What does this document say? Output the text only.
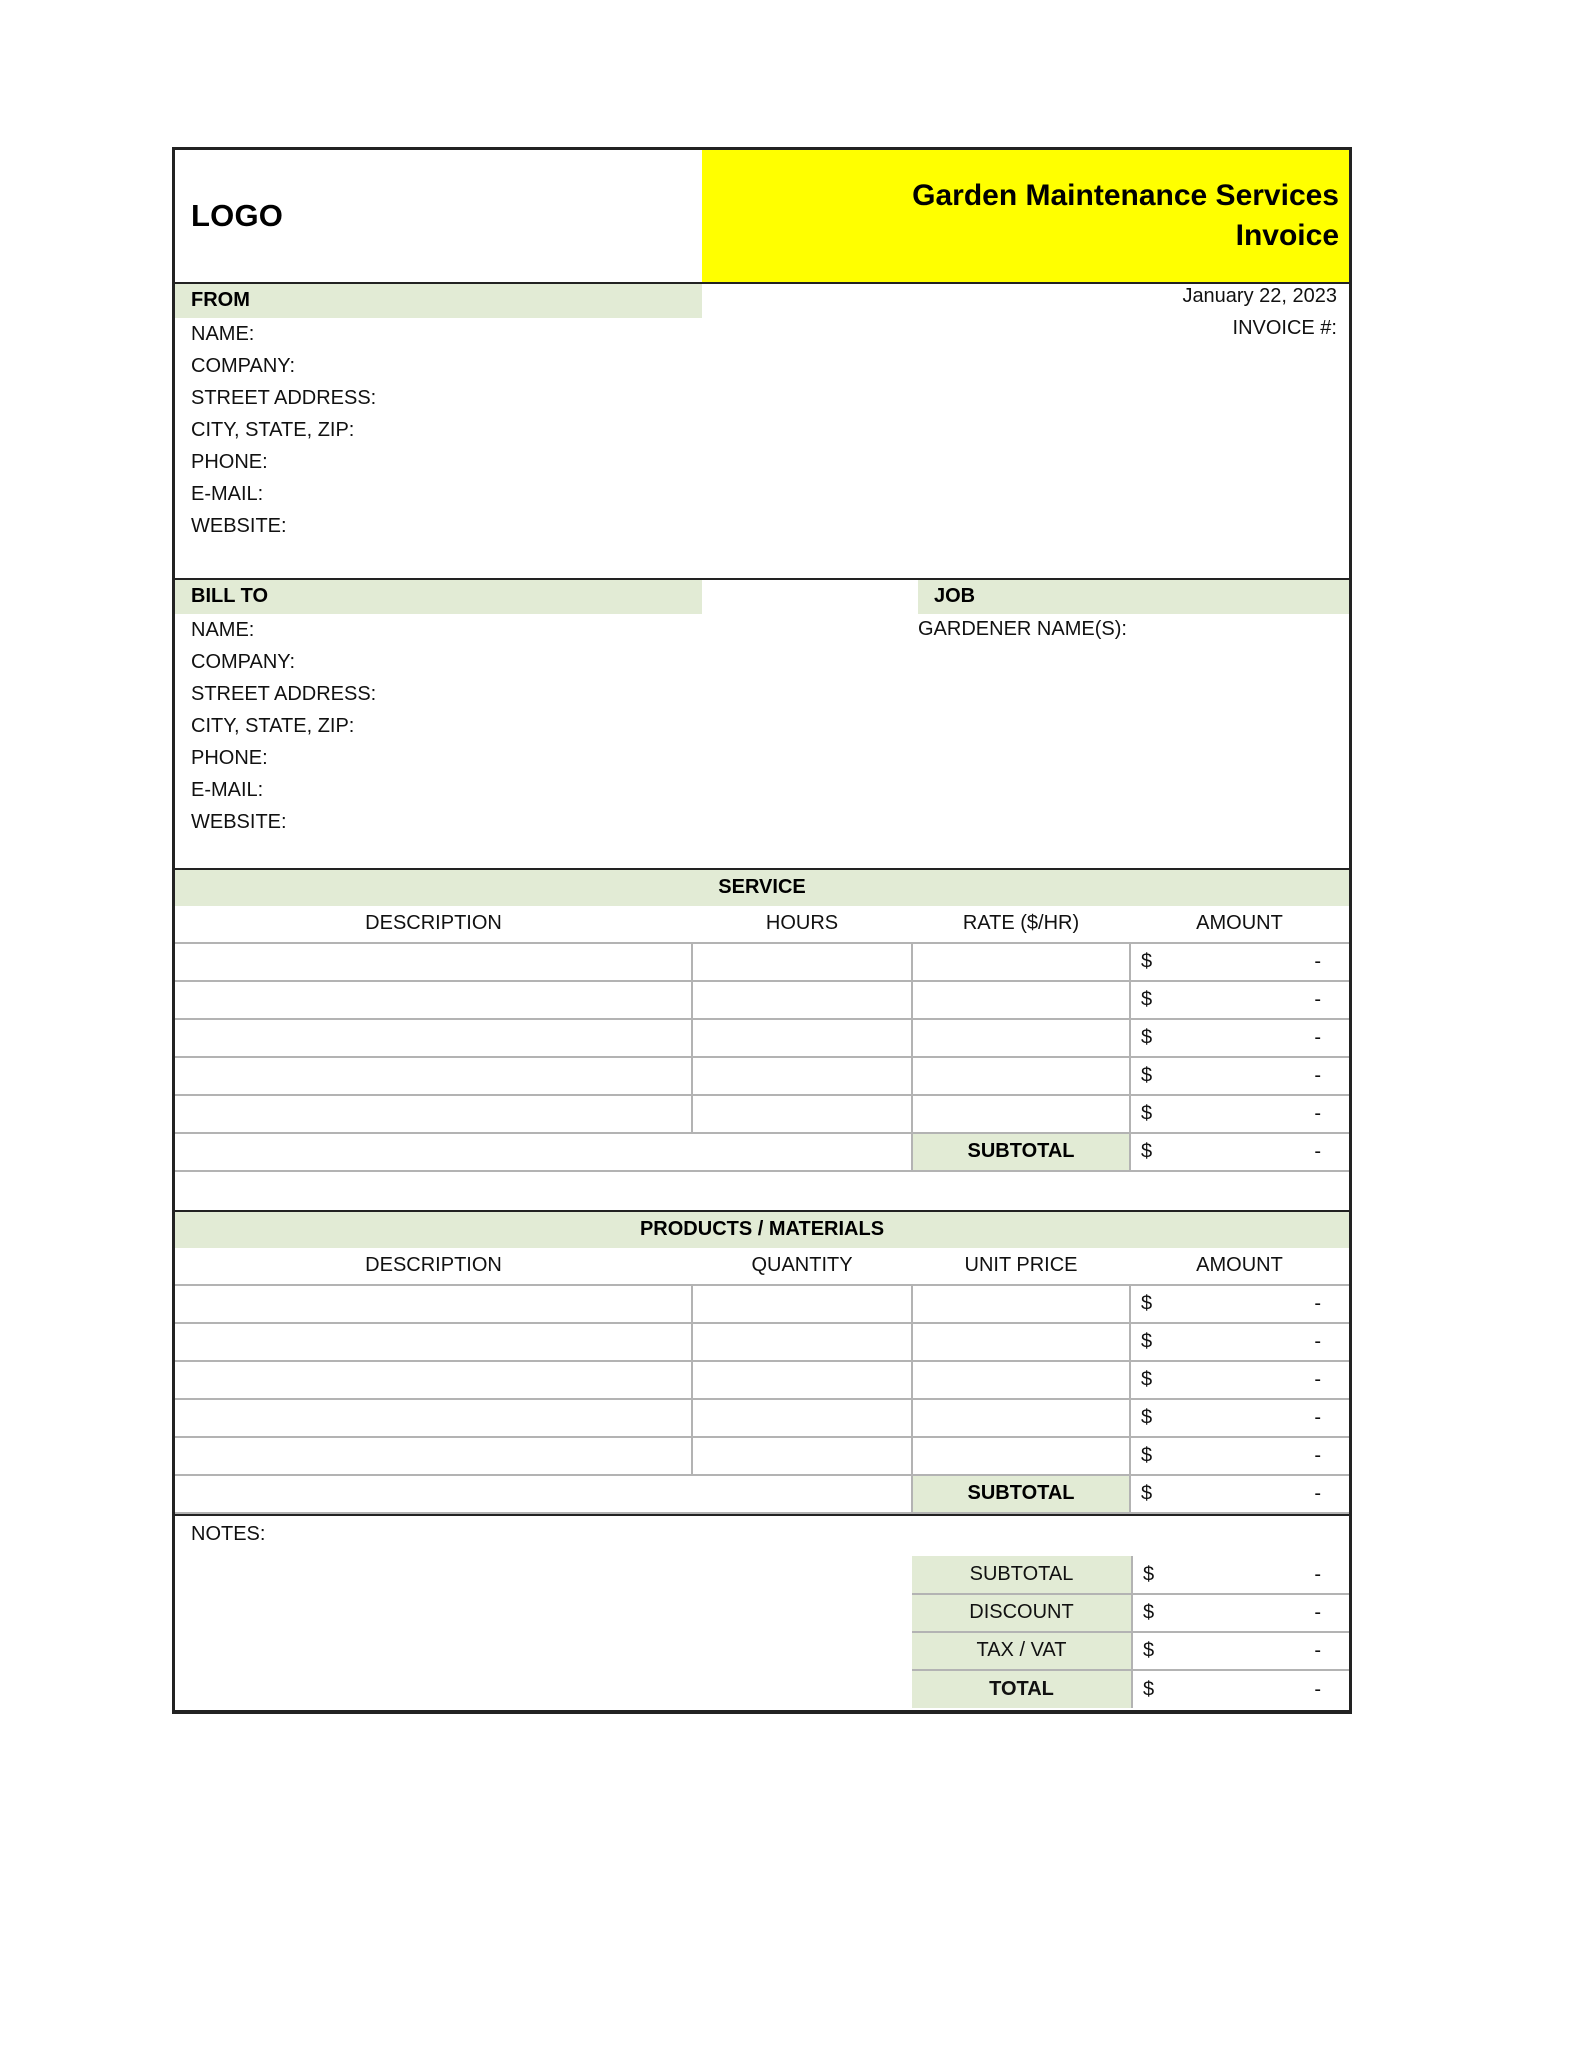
LOGO
Garden Maintenance Services
Invoice
FROM	January 22, 2023
INVOICE #:
NAME:
COMPANY:
STREET ADDRESS:
CITY, STATE, ZIP:
PHONE:
E-MAIL:
WEBSITE:
BILL TO	JOB
GARDENER NAME(S):
NAME:
COMPANY:
STREET ADDRESS:
CITY, STATE, ZIP:
PHONE:
E-MAIL:
WEBSITE:
SERVICE			
DESCRIPTION	HOURS	RATE ($/HR)	AMOUNT

			$ -

			$ -

			$ -

			$ -

			$ -

		SUBTOTAL	$ -

PRODUCTS / MATERIALS			
DESCRIPTION	QUANTITY	UNIT PRICE	AMOUNT

			$ -

			$ -

			$ -

			$ -

			$ -

		SUBTOTAL	$ -
NOTES:
SUBTOTAL	$ -

DISCOUNT	$ -

TAX / VAT	$ -

TOTAL	$ -
